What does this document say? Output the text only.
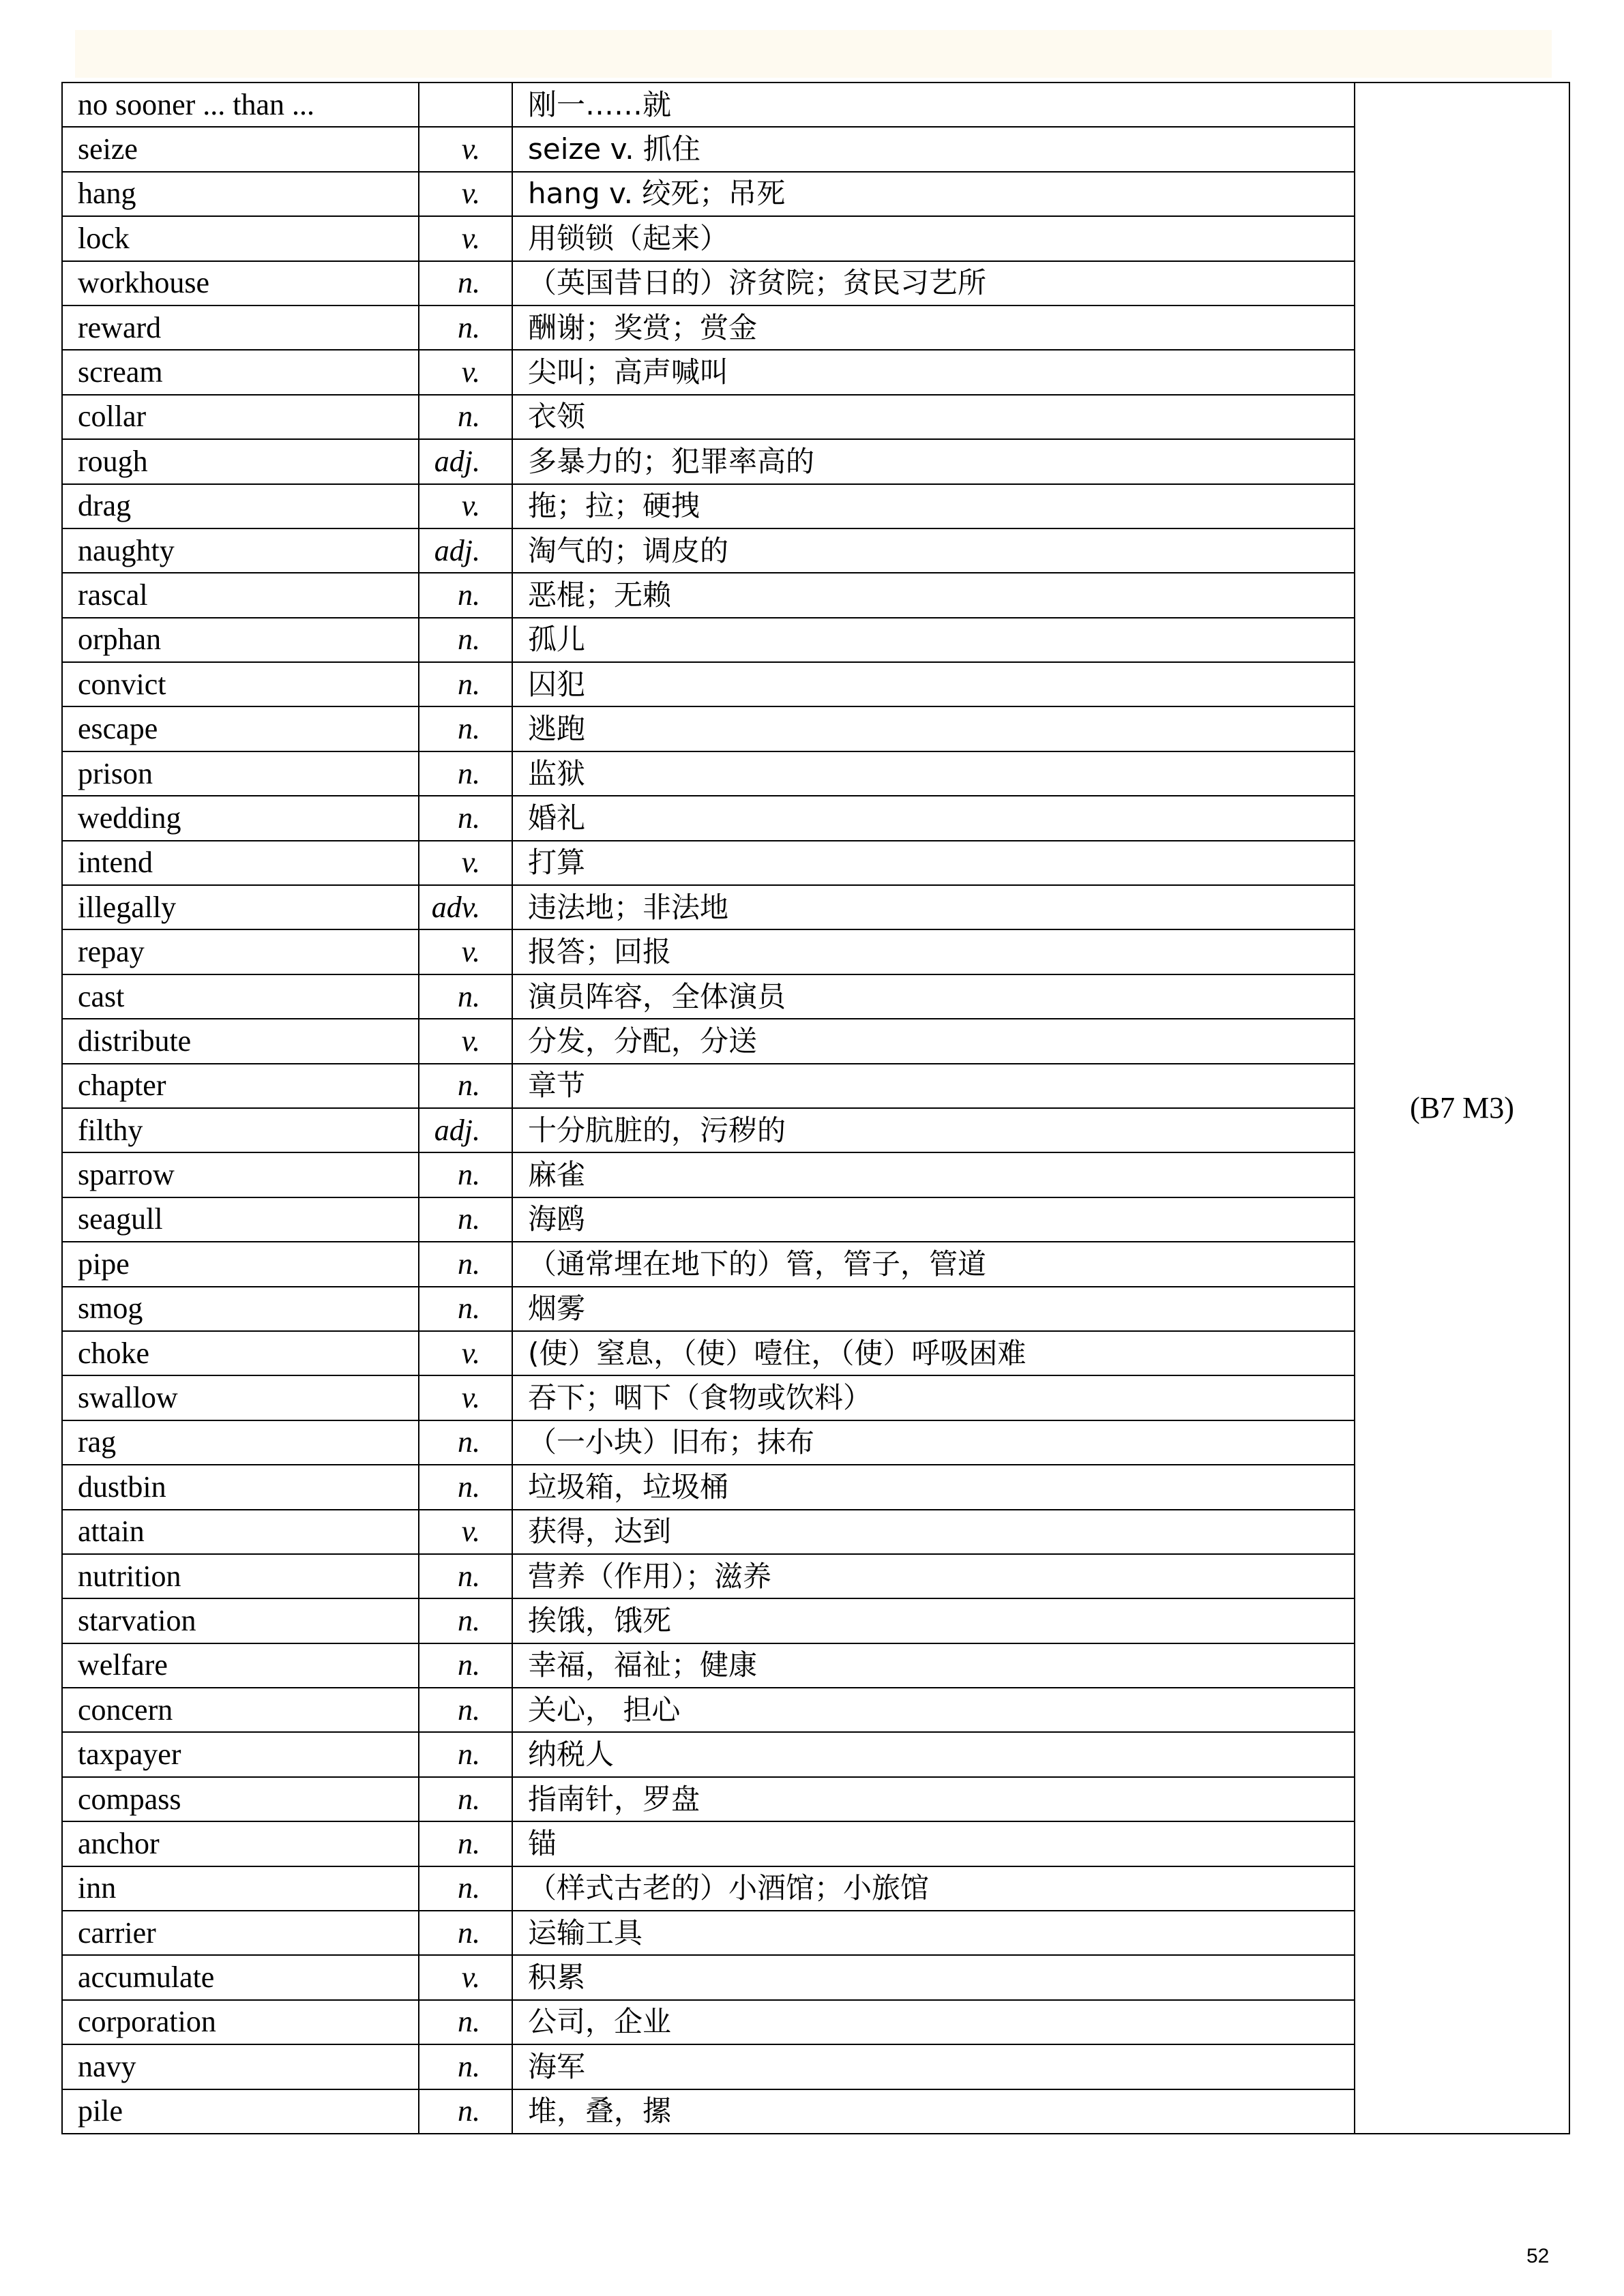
no sooner ... than ...		刚一……就	(B7 M3)
seize	v.	seize v. 抓住	
hang	v.	hang v. 绞死；吊死	
lock	v.	用锁锁（起来）	
workhouse	n.	（英国昔日的）济贫院；贫民习艺所	
reward	n.	酬谢；奖赏；赏金	
scream	v.	尖叫；高声喊叫	
collar	n.	衣领	
rough	adj.	多暴力的；犯罪率高的	
drag	v.	拖；拉；硬拽	
naughty	adj.	淘气的；调皮的	
rascal	n.	恶棍；无赖	
orphan	n.	孤儿	
convict	n.	囚犯	
escape	n.	逃跑	
prison	n.	监狱	
wedding	n.	婚礼	
intend	v.	打算	
illegally	adv.	违法地；非法地	
repay	v.	报答；回报	
cast	n.	演员阵容，全体演员	
distribute	v.	分发，分配，分送	
chapter	n.	章节	
filthy	adj.	十分肮脏的，污秽的	
sparrow	n.	麻雀	
seagull	n.	海鸥	
pipe	n.	（通常埋在地下的）管，管子，管道	
smog	n.	烟雾	
choke	v.	(使）窒息，（使）噎住，（使）呼吸困难	
swallow	v.	吞下；咽下（食物或饮料）	
rag	n.	（一小块）旧布；抹布	
dustbin	n.	垃圾箱，垃圾桶	
attain	v.	获得，达到	
nutrition	n.	营养（作用）；滋养	
starvation	n.	挨饿，饿死	
welfare	n.	幸福，福祉；健康	
concern	n.	关心， 担心	
taxpayer	n.	纳税人	
compass	n.	指南针，罗盘	
anchor	n.	锚	
inn	n.	（样式古老的）小酒馆；小旅馆	
carrier	n.	运输工具	
accumulate	v.	积累	
corporation	n.	公司，企业	
navy	n.	海军	
pile	n.	堆，叠，摞	
52
